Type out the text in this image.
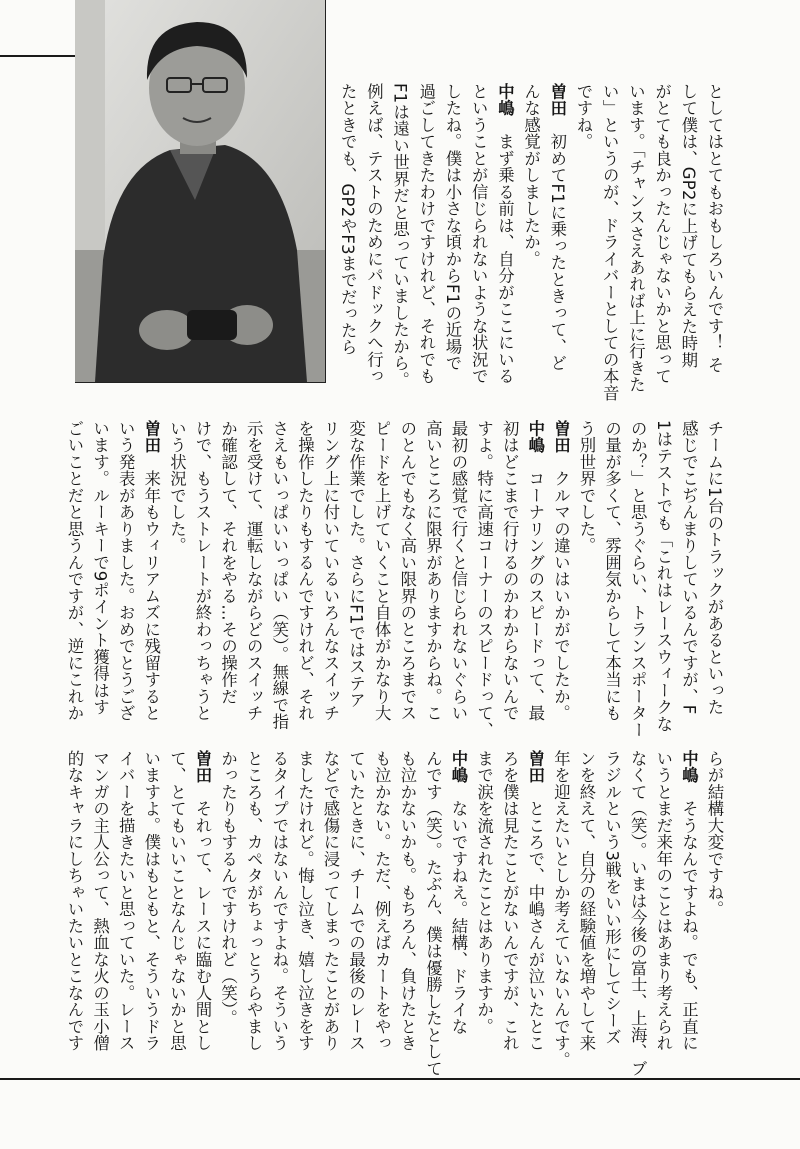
としてはとてもおもしろいんです！ そ
して僕は、GP2に上げてもらえた時期
がとても良かったんじゃないかと思って
います。「チャンスさえあれば上に行きた
い」というのが、ドライバーとしての本音
ですね。
曽田　初めてF1に乗ったときって、ど
んな感覚がしましたか。
中嶋　まず乗る前は、自分がここにいる
ということが信じられないような状況で
したね。僕は小さな頃からF1の近場で
過ごしてきたわけですけれど、それでも
F1は遠い世界だと思っていましたから。
例えば、テストのためにパドックへ行っ
たときでも、GP2やF3までだったら
チームに1台のトラックがあるといった
感じでこぢんまりしているんですが、F
1はテストでも「これはレースウィークな
のか？」と思うぐらい、トランスポーター
の量が多くて、雰囲気からして本当にも
う別世界でした。
曽田　クルマの違いはいかがでしたか。
中嶋　コーナリングのスピードって、最
初はどこまで行けるのかわからないんで
すよ。特に高速コーナーのスピードって、
最初の感覚で行くと信じられないぐらい
高いところに限界がありますからね。こ
のとんでもなく高い限界のところまでス
ピードを上げていくこと自体がかなり大
変な作業でした。さらにF1ではステア
リング上に付いているいろんなスイッチ
を操作したりもするんですけれど、それ
さえもいっぱいいっぱい（笑）。無線で指
示を受けて、運転しながらどのスイッチ
か確認して、それをやる…その操作だ
けで、もうストレートが終わっちゃうと
いう状況でした。
曽田　来年もウィリアムズに残留すると
いう発表がありました。おめでとうござ
います。ルーキーで9ポイント獲得はす
ごいことだと思うんですが、逆にこれか
らが結構大変ですね。
中嶋　そうなんですよね。でも、正直に
いうとまだ来年のことはあまり考えられ
なくて（笑）。いまは今後の富士、上海、ブ
ラジルという3戦をいい形にしてシーズ
ンを終えて、自分の経験値を増やして来
年を迎えたいとしか考えていないんです。
曽田　ところで、中嶋さんが泣いたとこ
ろを僕は見たことがないんですが、これ
まで涙を流されたことはありますか。
中嶋　ないですねえ。結構、ドライな
んです（笑）。たぶん、僕は優勝したとして
も泣かないかも。もちろん、負けたとき
も泣かない。ただ、例えばカートをやっ
ていたときに、チームでの最後のレース
などで感傷に浸ってしまったことがあり
ましたけれど。悔し泣き、嬉し泣きをす
るタイプではないんですよね。そういう
ところも、カペタがちょっとうらやまし
かったりもするんですけれど（笑）。
曽田　それって、レースに臨む人間とし
て、とてもいいことなんじゃないかと思
いますよ。僕はもともと、そういうドラ
イバーを描きたいと思っていた。レース
マンガの主人公って、熱血な火の玉小僧
的なキャラにしちゃいたいとこなんです
